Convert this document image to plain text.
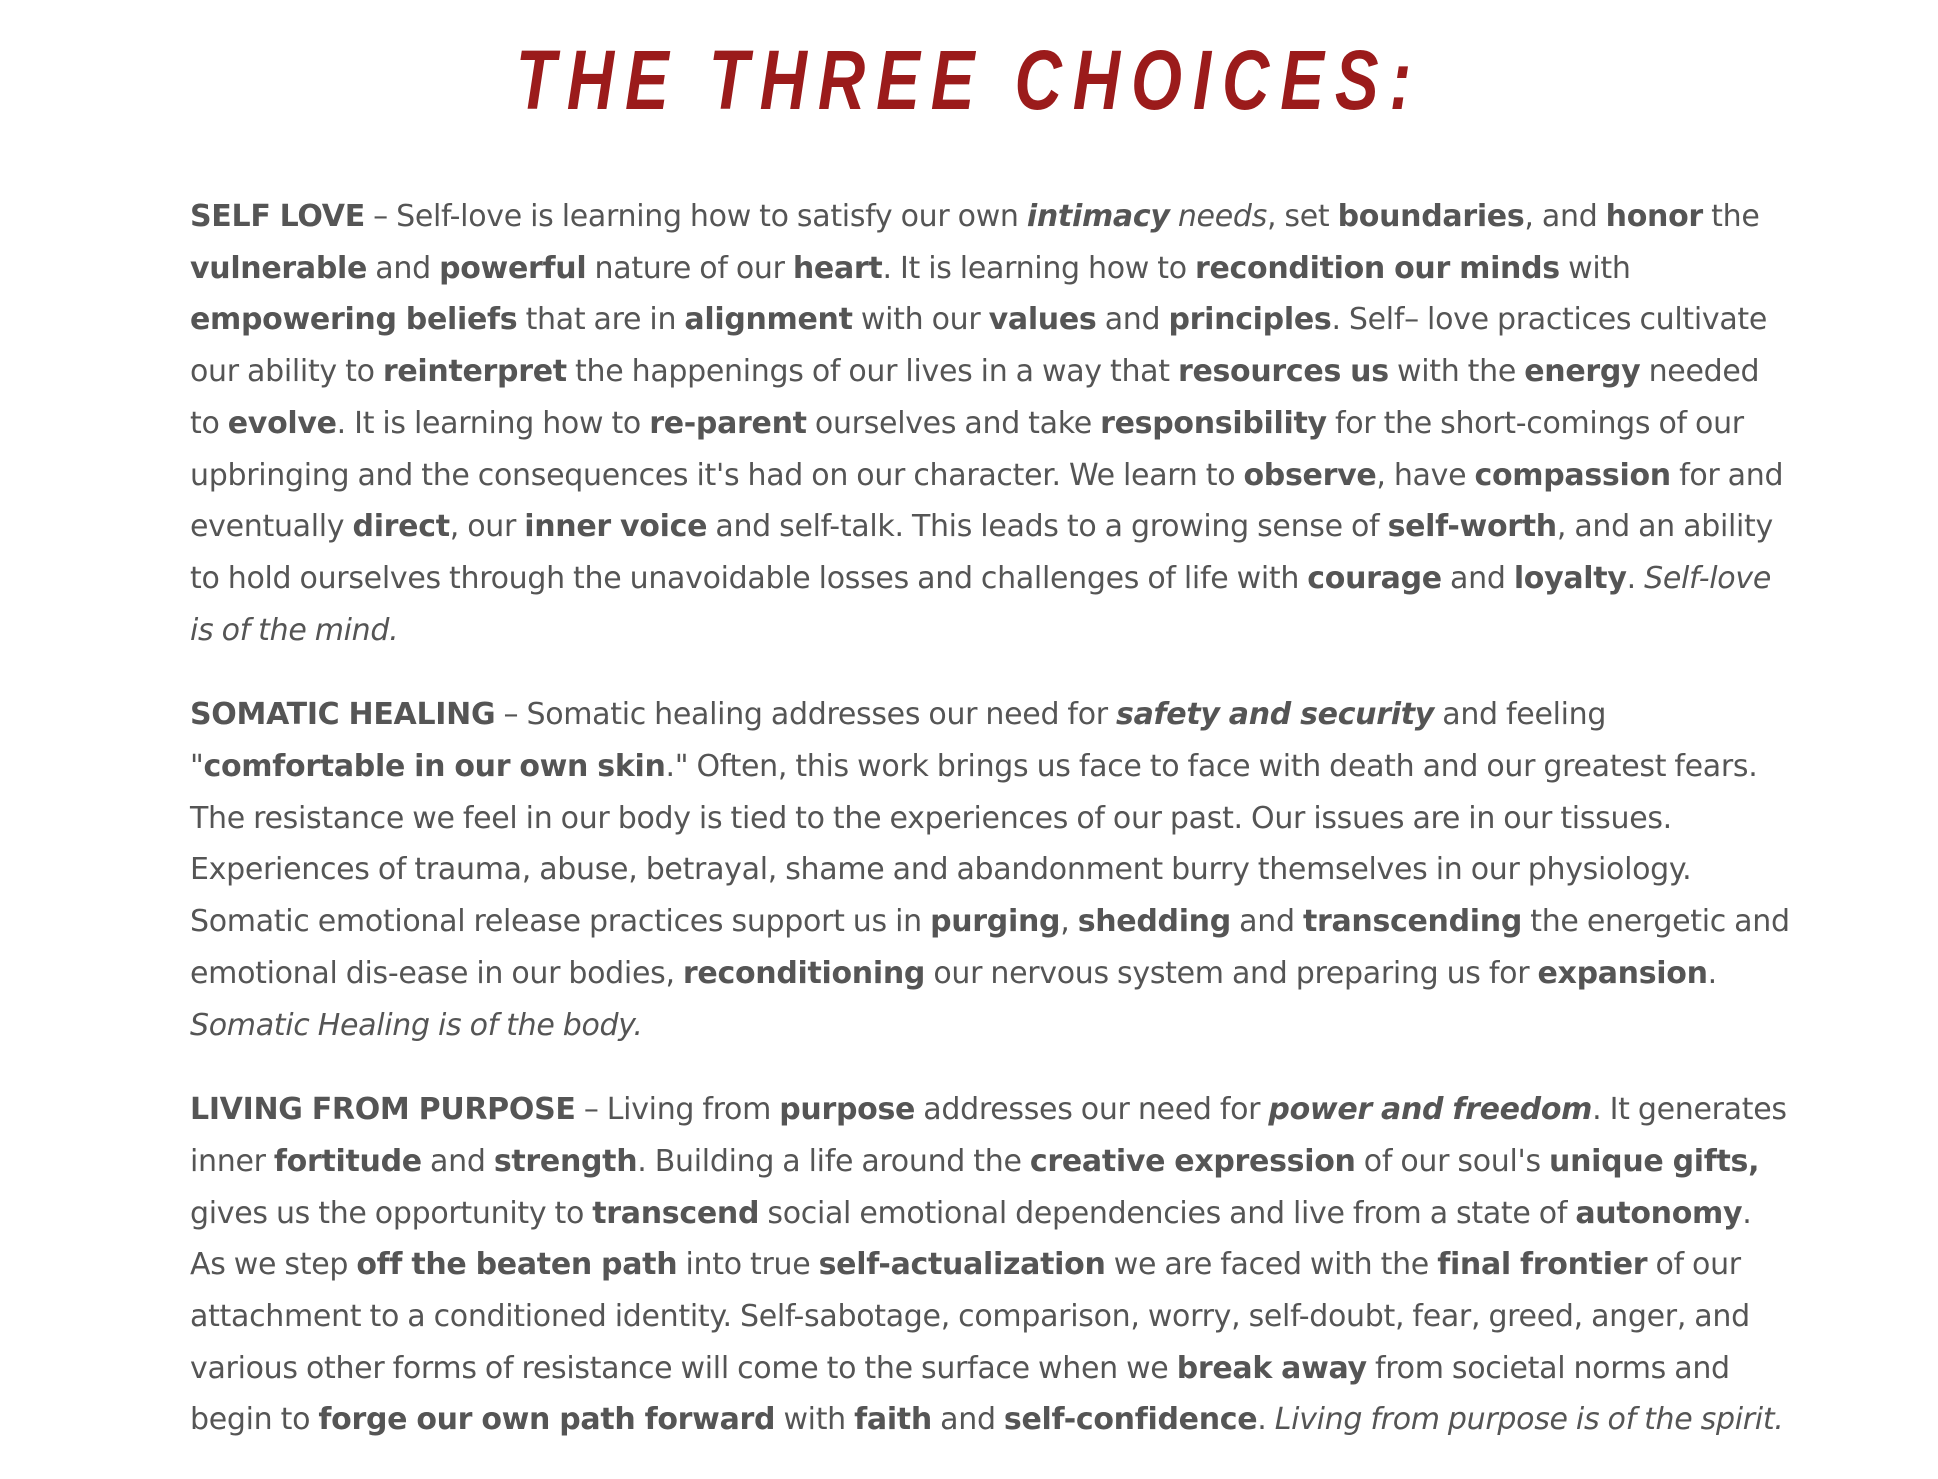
THE THREE CHOICES:

SELF LOVE – Self-love is learning how to satisfy our own intimacy needs, set boundaries, and honor the vulnerable and powerful nature of our heart. It is learning how to recondition our minds with empowering beliefs that are in alignment with our values and principles. Self– love practices cultivate our ability to reinterpret the happenings of our lives in a way that resources us with the energy needed to evolve. It is learning how to re-parent ourselves and take responsibility for the short-comings of our upbringing and the consequences it's had on our character. We learn to observe, have compassion for and eventually direct, our inner voice and self-talk. This leads to a growing sense of self-worth, and an ability to hold ourselves through the unavoidable losses and challenges of life with courage and loyalty. Self-love is of the mind.

SOMATIC HEALING – Somatic healing addresses our need for safety and security and feeling "comfortable in our own skin." Often, this work brings us face to face with death and our greatest fears. The resistance we feel in our body is tied to the experiences of our past. Our issues are in our tissues. Experiences of trauma, abuse, betrayal, shame and abandonment burry themselves in our physiology. Somatic emotional release practices support us in purging, shedding and transcending the energetic and emotional dis-ease in our bodies, reconditioning our nervous system and preparing us for expansion. Somatic Healing is of the body.

LIVING FROM PURPOSE – Living from purpose addresses our need for power and freedom. It generates inner fortitude and strength. Building a life around the creative expression of our soul's unique gifts, gives us the opportunity to transcend social emotional dependencies and live from a state of autonomy. As we step off the beaten path into true self-actualization we are faced with the final frontier of our attachment to a conditioned identity. Self-sabotage, comparison, worry, self-doubt, fear, greed, anger, and various other forms of resistance will come to the surface when we break away from societal norms and begin to forge our own path forward with faith and self-confidence. Living from purpose is of the spirit.
